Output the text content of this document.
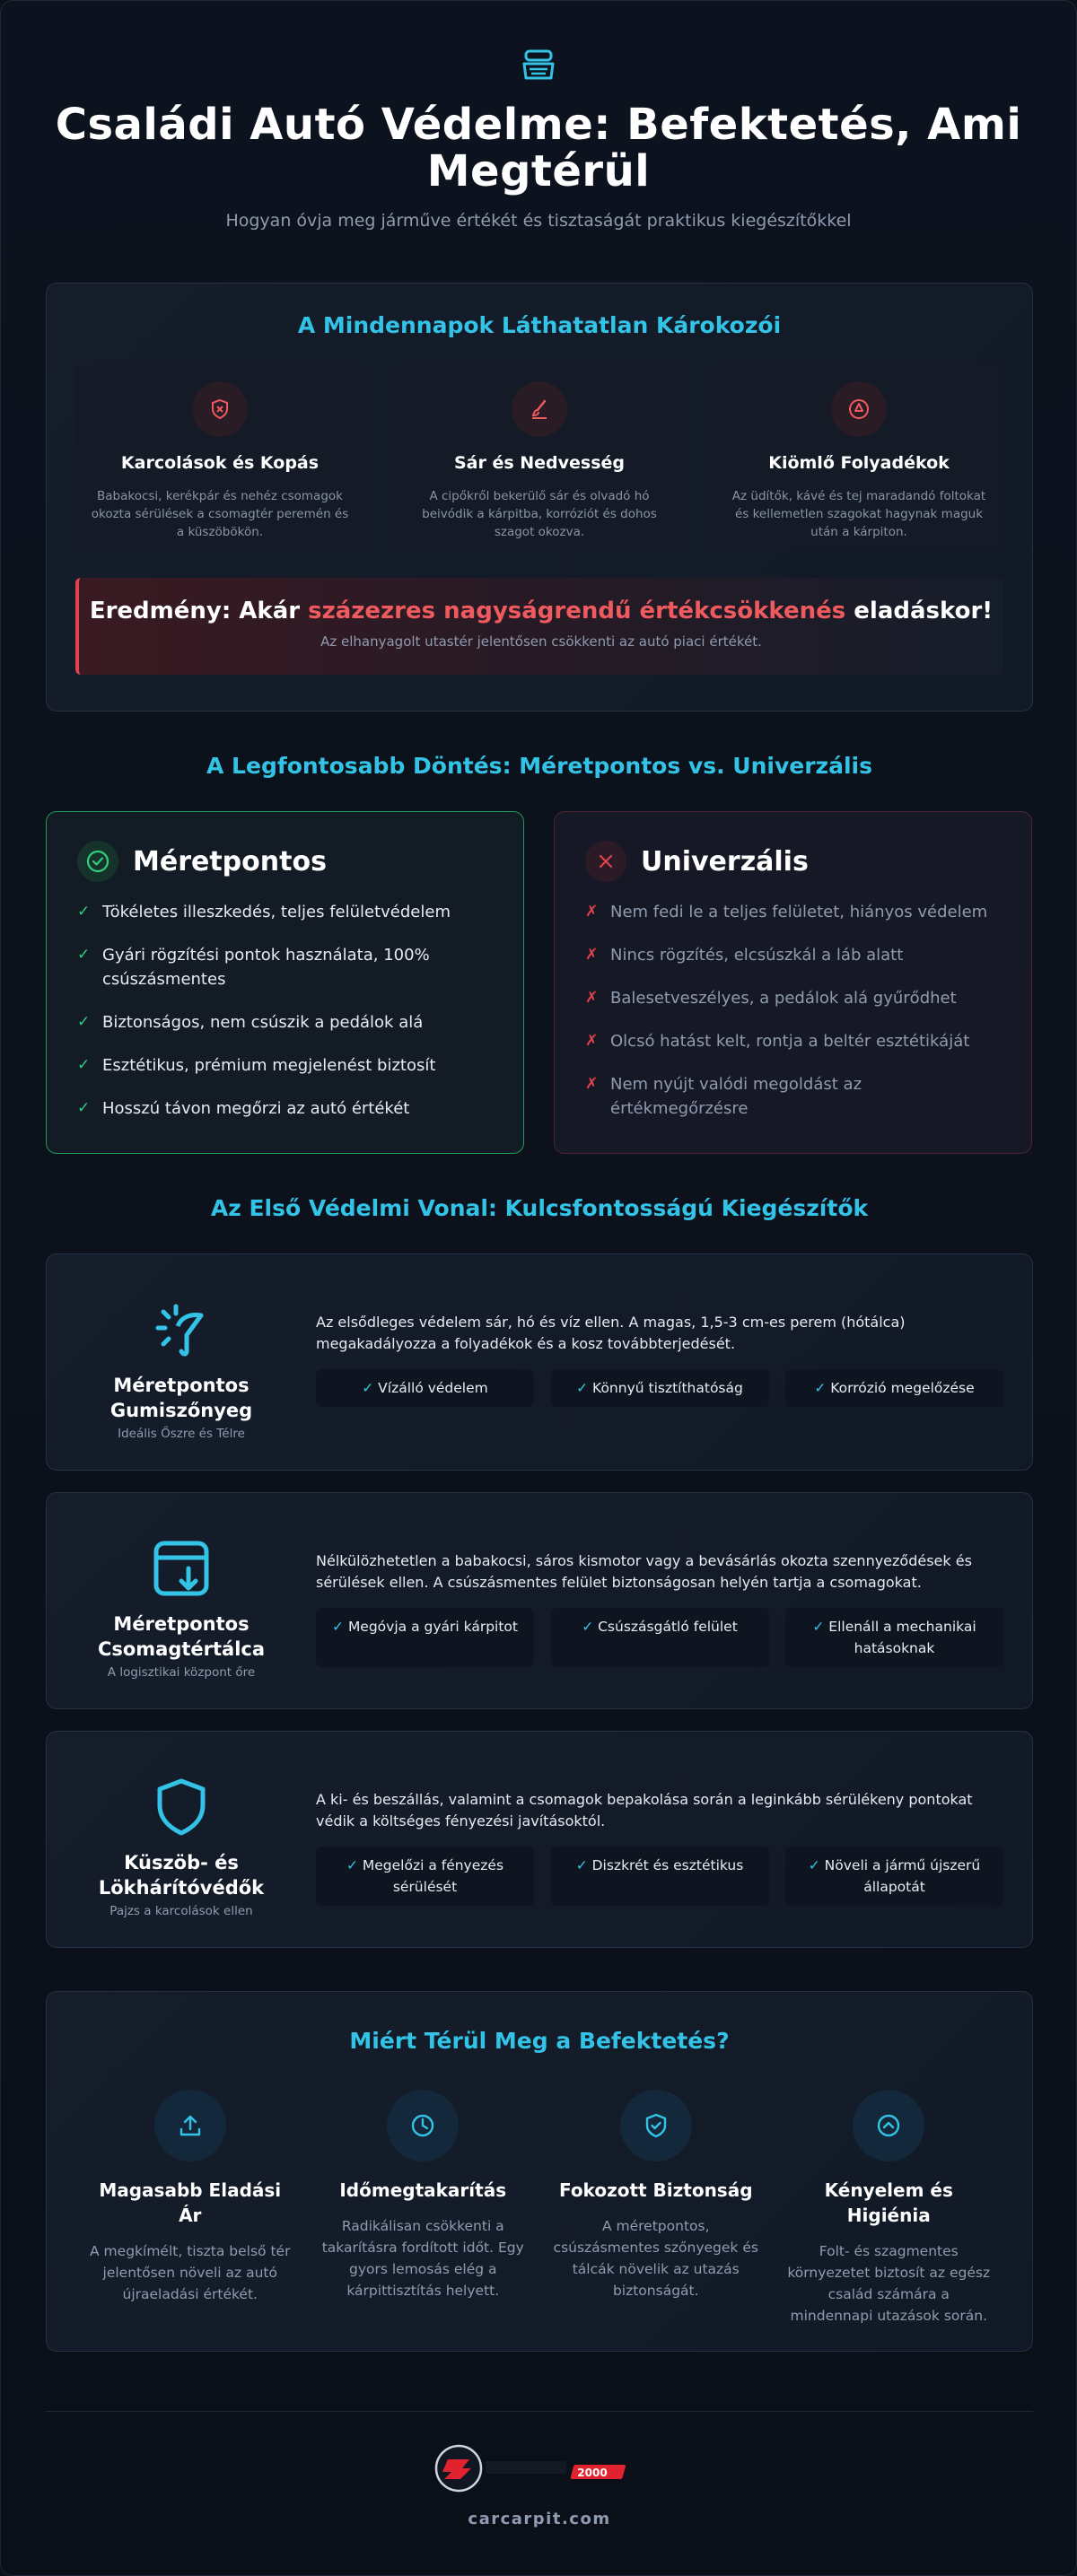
Családi Autó Védelme: Befektetés, Ami Megtérül
Hogyan óvja meg járműve értékét és tisztaságát praktikus kiegészítőkkel
A Mindennapok Láthatatlan Károkozói
Karcolások és Kopás
Babakocsi, kerékpár és nehéz csomagok okozta sérülések a csomagtér peremén és a küszöbökön.
Sár és Nedvesség
A cipőkről bekerülő sár és olvadó hó beivódik a kárpitba, korróziót és dohos szagot okozva.
Kiömlő Folyadékok
Az üdítők, kávé és tej maradandó foltokat és kellemetlen szagokat hagynak maguk után a kárpiton.
Eredmény: Akár százezres nagyságrendű értékcsökkenés eladáskor!
Az elhanyagolt utastér jelentősen csökkenti az autó piaci értékét.
A Legfontosabb Döntés: Méretpontos vs. Univerzális
Méretpontos
✓ Tökéletes illeszkedés, teljes felületvédelem
✓ Gyári rögzítési pontok használata, 100% csúszásmentes
✓ Biztonságos, nem csúszik a pedálok alá
✓ Esztétikus, prémium megjelenést biztosít
✓ Hosszú távon megőrzi az autó értékét
Univerzális
✗ Nem fedi le a teljes felületet, hiányos védelem
✗ Nincs rögzítés, elcsúszkál a láb alatt
✗ Balesetveszélyes, a pedálok alá gyűrődhet
✗ Olcsó hatást kelt, rontja a beltér esztétikáját
✗ Nem nyújt valódi megoldást az értékmegőrzésre
Az Első Védelmi Vonal: Kulcsfontosságú Kiegészítők
Méretpontos Gumiszőnyeg
Ideális Őszre és Télre
Az elsődleges védelem sár, hó és víz ellen. A magas, 1,5-3 cm-es perem (hótálca) megakadályozza a folyadékok és a kosz továbbterjedését.
✓ Vízálló védelem	✓ Könnyű tisztíthatóság	✓ Korrózió megelőzése
Méretpontos Csomagtértálca
A logisztikai központ őre
Nélkülözhetetlen a babakocsi, sáros kismotor vagy a bevásárlás okozta szennyeződések és sérülések ellen. A csúszásmentes felület biztonságosan helyén tartja a csomagokat.
✓ Megóvja a gyári kárpitot	✓ Csúszásgátló felület	✓ Ellenáll a mechanikai hatásoknak
Küszöb- és Lökhárítóvédők
Pajzs a karcolások ellen
A ki- és beszállás, valamint a csomagok bepakolása során a leginkább sérülékeny pontokat védik a költséges fényezési javításoktól.
✓ Megelőzi a fényezés sérülését
✓ Diszkrét és esztétikus	✓ Növeli a jármű újszerű állapotát
Miért Térül Meg a Befektetés?
Magasabb Eladási Ár
A megkímélt, tiszta belső tér jelentősen növeli az autó újraeladási értékét.
Időmegtakarítás
Radikálisan csökkenti a takarításra fordított időt. Egy gyors lemosás elég a kárpittisztítás helyett.
Fokozott Biztonság
A méretpontos, csúszásmentes szőnyegek és tálcák növelik az utazás biztonságát.
Kényelem és Higiénia
Folt- és szagmentes környezetet biztosít az egész család számára a mindennapi utazások során.
2000
carcarpit.com
